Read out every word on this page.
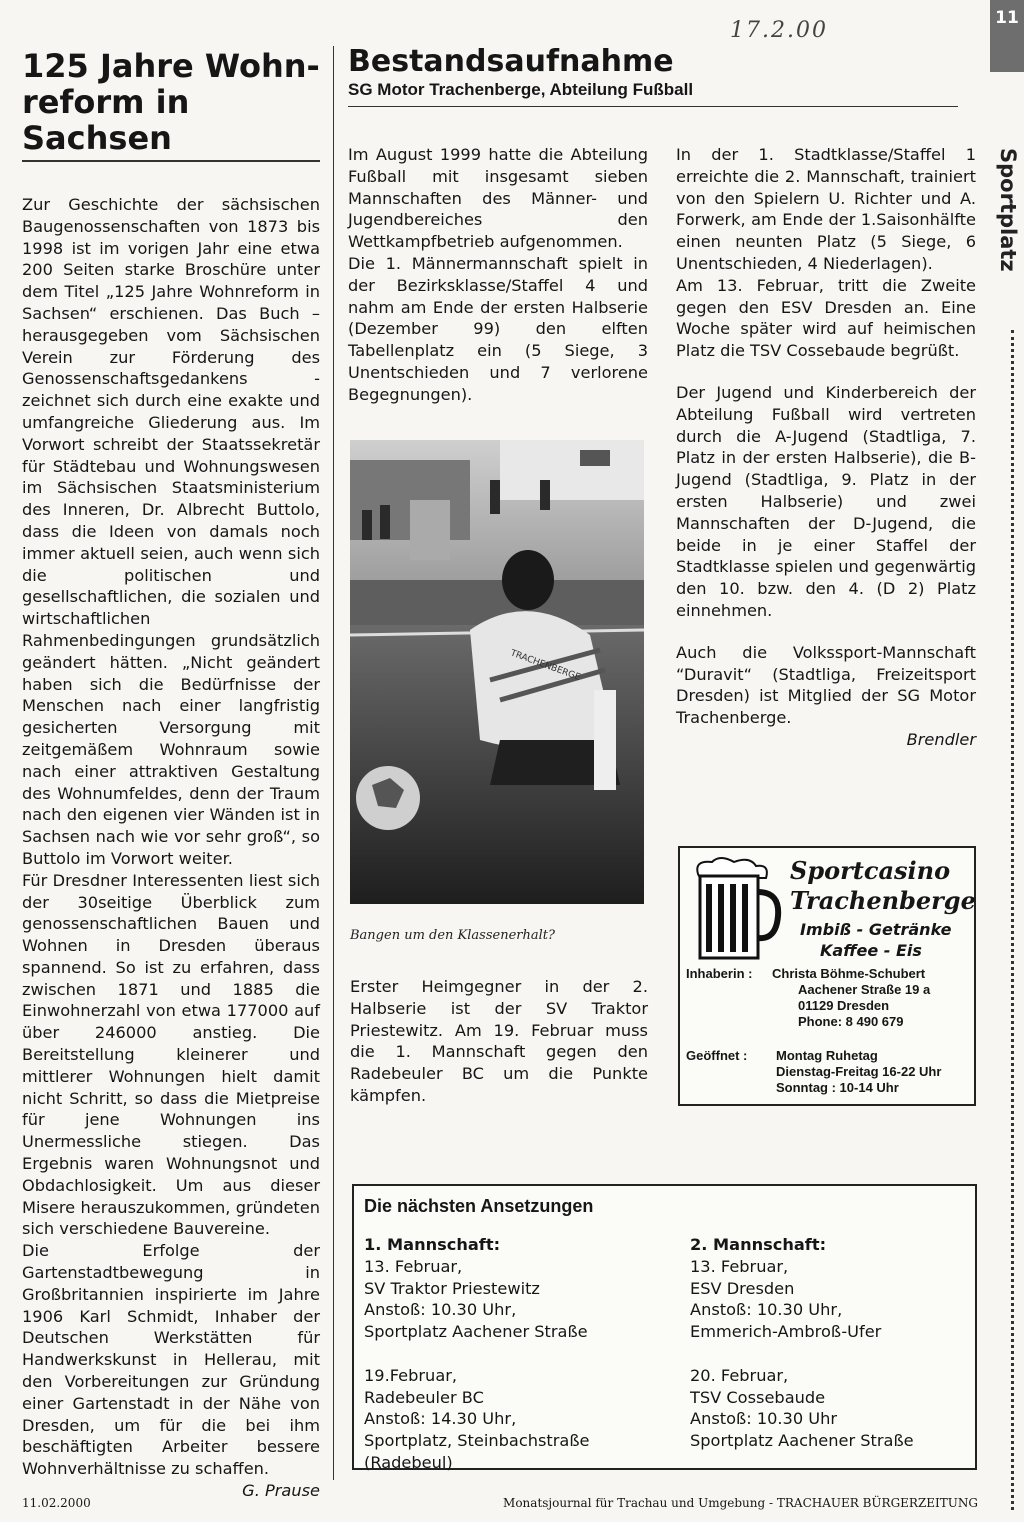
11
Sportplatz
17.2.00
125 Jahre Wohn-
reform in Sachsen

Zur Geschichte der sächsischen Baugenossenschaften von 1873 bis 1998 ist im vorigen Jahr eine etwa 200 Seiten starke Broschüre unter dem Titel „125 Jahre Wohnreform in Sachsen“ erschienen. Das Buch – herausgegeben vom Sächsischen Verein zur Förderung des Genossenschaftsgedankens - zeichnet sich durch eine exakte und umfangreiche Gliederung aus. Im Vorwort schreibt der Staatssekretär für Städtebau und Wohnungswesen im Sächsischen Staatsministerium des Inneren, Dr. Albrecht Buttolo, dass die Ideen von damals noch immer aktuell seien, auch wenn sich die politischen und gesellschaftlichen, die sozialen und wirtschaftlichen Rahmenbedingungen grundsätzlich geändert hätten. „Nicht geändert haben sich die Bedürfnisse der Menschen nach einer langfristig gesicherten Versorgung mit zeitgemäßem Wohnraum sowie nach einer attraktiven Gestaltung des Wohnumfeldes, denn der Traum nach den eigenen vier Wänden ist in Sachsen nach wie vor sehr groß“, so Buttolo im Vorwort weiter.

Für Dresdner Interessenten liest sich der 30seitige Überblick zum genossenschaftlichen Bauen und Wohnen in Dresden überaus spannend. So ist zu erfahren, dass zwischen 1871 und 1885 die Einwohnerzahl von etwa 177000 auf über 246000 anstieg. Die Bereitstellung kleinerer und mittlerer Wohnungen hielt damit nicht Schritt, so dass die Mietpreise für jene Wohnungen ins Unermessliche stiegen. Das Ergebnis waren Wohnungsnot und Obdachlosigkeit. Um aus dieser Misere herauszukommen, gründeten sich verschiedene Bauvereine.

Die Erfolge der Gartenstadtbewegung in Großbritannien inspirierte im Jahre 1906 Karl Schmidt, Inhaber der Deutschen Werkstätten für Handwerkskunst in Hellerau, mit den Vorbereitungen zur Gründung einer Gartenstadt in der Nähe von Dresden, um für die bei ihm beschäftigten Arbeiter bessere Wohnverhältnisse zu schaffen.

G. Prause

Bestandsaufnahme
SG Motor Trachenberge, Abteilung Fußball

Im August 1999 hatte die Abteilung Fußball mit insgesamt sieben Mannschaften des Männer- und Jugendbereiches den Wettkampfbetrieb aufgenommen.

Die 1. Männermannschaft spielt in der Bezirksklasse/Staffel 4 und nahm am Ende der ersten Halbserie (Dezember 99) den elften Tabellenplatz ein (5 Siege, 3 Unentschieden und 7 verlorene Begegnungen).

TRACHENBERGE
Bangen um den Klassenerhalt?
Erster Heimgegner in der 2. Halbserie ist der SV Traktor Priestewitz. Am 19. Februar muss die 1. Mannschaft gegen den Radebeuler BC um die Punkte kämpfen.

In der 1. Stadtklasse/Staffel 1 erreichte die 2. Mannschaft, trainiert von den Spielern U. Richter und A. Forwerk, am Ende der 1.Saisonhälfte einen neunten Platz (5 Siege, 6 Unentschieden, 4 Niederlagen).

Am 13. Februar, tritt die Zweite gegen den ESV Dresden an. Eine Woche später wird auf heimischen Platz die TSV Cossebaude begrüßt.

Der Jugend und Kinderbereich der Abteilung Fußball wird vertreten durch die A-Jugend (Stadtliga, 7. Platz in der ersten Halbserie), die B-Jugend (Stadtliga, 9. Platz in der ersten Halbserie) und zwei Mannschaften der D-Jugend, die beide in je einer Staffel der Stadtklasse spielen und gegenwärtig den 10. bzw. den 4. (D 2) Platz einnehmen.

Auch die Volkssport-Mannschaft “Duravit“ (Stadtliga, Freizeitsport Dresden) ist Mitglied der SG Motor Trachenberge.

Brendler

Sportcasino
Trachenberge
Imbiß - Getränke
Kaffee - Eis
Inhaberin : Christa Böhme-Schubert
Aachener Straße 19 a
01129 Dresden
Phone: 8 490 679
Geöffnet : Montag Ruhetag
Dienstag-Freitag 16-22 Uhr
Sonntag : 10-14 Uhr
Die nächsten Ansetzungen
1. Mannschaft:
13. Februar,
SV Traktor Priestewitz
Anstoß: 10.30 Uhr,
Sportplatz Aachener Straße
19.Februar,
Radebeuler BC
Anstoß: 14.30 Uhr,
Sportplatz, Steinbachstraße
(Radebeul)
2. Mannschaft:
13. Februar,
ESV Dresden
Anstoß: 10.30 Uhr,
Emmerich-Ambroß-Ufer
20. Februar,
TSV Cossebaude
Anstoß: 10.30 Uhr
Sportplatz Aachener Straße
11.02.2000	Monatsjournal für Trachau und Umgebung - TRACHAUER BÜRGERZEITUNG
